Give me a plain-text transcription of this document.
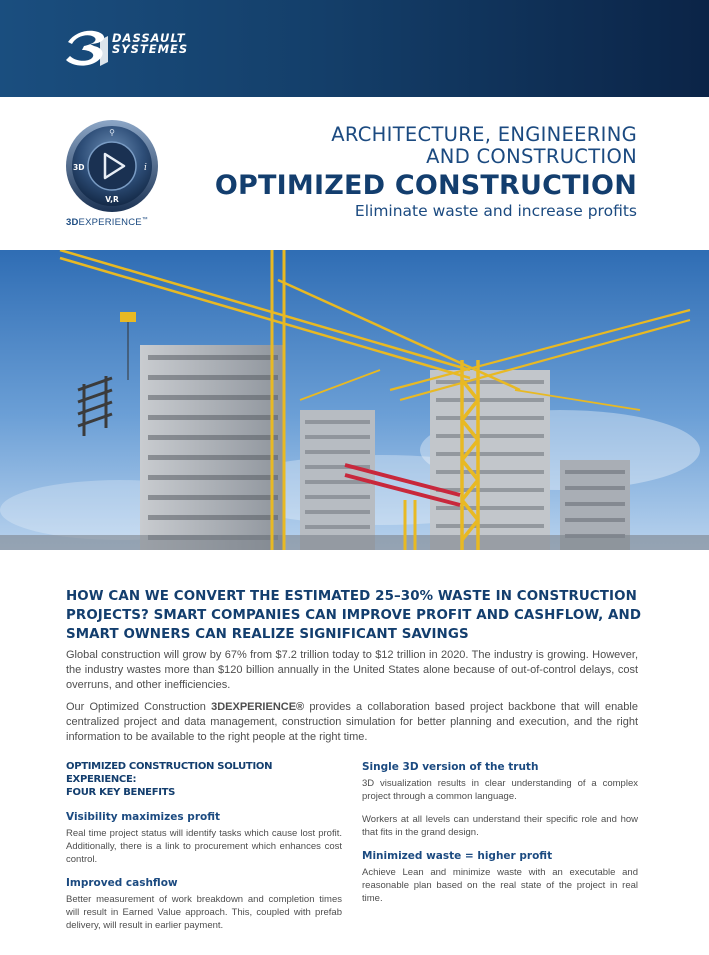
DASSAULT
SYSTEMES
⚲
3D	i
V,R
3DEXPERIENCE™
ARCHITECTURE, ENGINEERING
AND CONSTRUCTION
OPTIMIZED CONSTRUCTION
Eliminate waste and increase profits
HOW CAN WE CONVERT THE ESTIMATED 25–30% WASTE IN CONSTRUCTION PROJECTS? SMART COMPANIES CAN IMPROVE PROFIT AND CASHFLOW, AND SMART OWNERS CAN REALIZE SIGNIFICANT SAVINGS
Global construction will grow by 67% from $7.2 trillion today to $12 trillion in 2020. The industry is growing. However, the industry wastes more than $120 billion annually in the United States alone because of out-of-control delays, cost overruns, and other inefficiencies.
Our Optimized Construction 3DEXPERIENCE® provides a collaboration based project backbone that will enable centralized project and data management, construction simulation for better planning and execution, and the right information to be available to the right people at the right time.
OPTIMIZED CONSTRUCTION SOLUTION EXPERIENCE:
FOUR KEY BENEFITS
Visibility maximizes profit
Real time project status will identify tasks which cause lost profit. Additionally, there is a link to procurement which enhances cost control.
Improved cashflow
Better measurement of work breakdown and completion times will result in Earned Value approach. This, coupled with prefab delivery, will result in earlier payment.
Single 3D version of the truth
3D visualization results in clear understanding of a complex project through a common language.
Workers at all levels can understand their specific role and how that fits in the grand design.
Minimized waste = higher profit
Achieve Lean and minimize waste with an executable and reasonable plan based on the real state of the project in real time.
